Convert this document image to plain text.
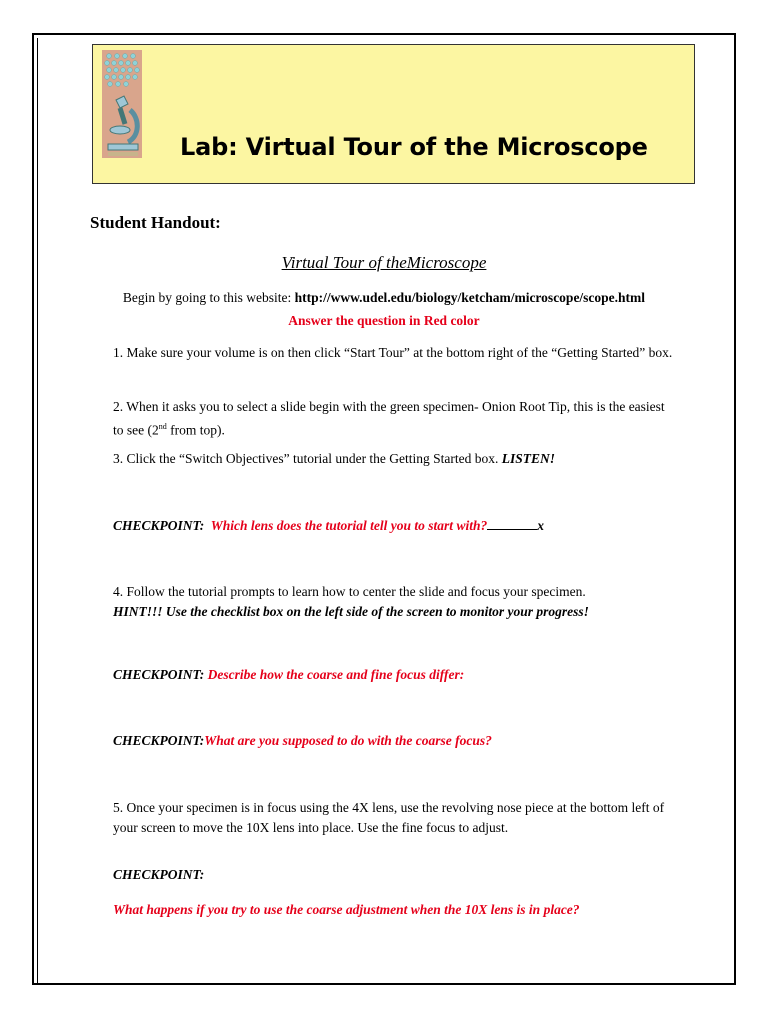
Lab: Virtual Tour of the Microscope
Student Handout:
Virtual Tour of theMicroscope
Begin by going to this website: http://www.udel.edu/biology/ketcham/microscope/scope.html
Answer the question in Red color
1. Make sure your volume is on then click “Start Tour” at the bottom right of the “Getting Started” box.
2. When it asks you to select a slide begin with the green specimen- Onion Root Tip, this is the easiest to see (2nd from top).
3. Click the “Switch Objectives” tutorial under the Getting Started box. LISTEN!
CHECKPOINT:  Which lens does the tutorial tell you to start with?	x
4. Follow the tutorial prompts to learn how to center the slide and focus your specimen.
HINT!!! Use the checklist box on the left side of the screen to monitor your progress!
CHECKPOINT: Describe how the coarse and fine focus differ:
CHECKPOINT:What are you supposed to do with the coarse focus?
5. Once your specimen is in focus using the 4X lens, use the revolving nose piece at the bottom left of your screen to move the 10X lens into place. Use the fine focus to adjust.
CHECKPOINT:
What happens if you try to use the coarse adjustment when the 10X lens is in place?
